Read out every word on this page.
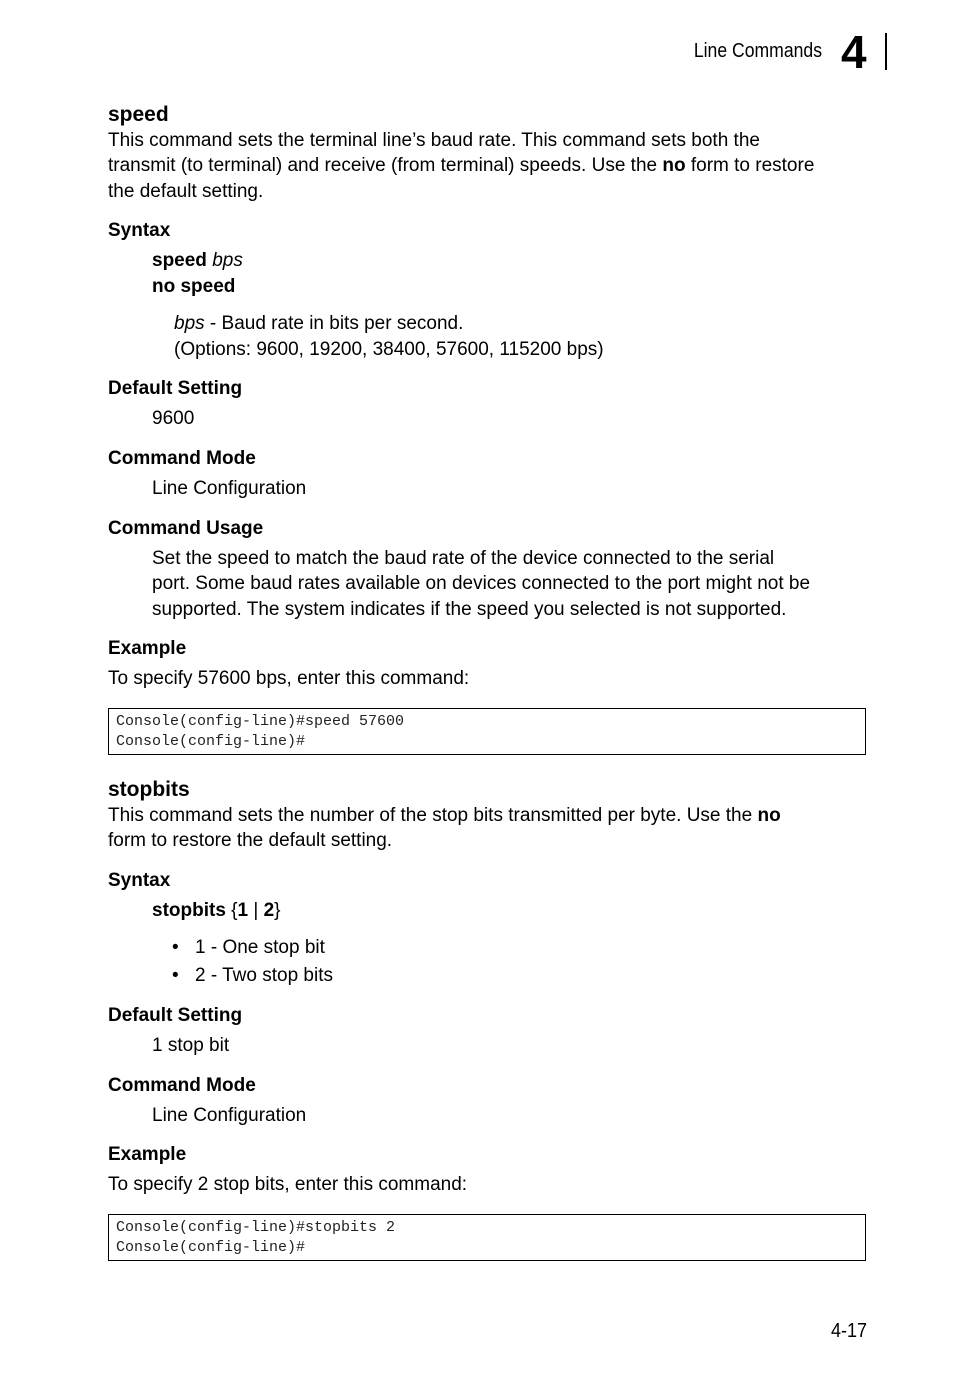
Line Commands 4
speed
This command sets the terminal line’s baud rate. This command sets both the
transmit (to terminal) and receive (from terminal) speeds. Use the no form to restore
the default setting.
Syntax
speed bps
no speed
bps - Baud rate in bits per second.
(Options: 9600, 19200, 38400, 57600, 115200 bps)
Default Setting
9600
Command Mode
Line Configuration
Command Usage
Set the speed to match the baud rate of the device connected to the serial
port. Some baud rates available on devices connected to the port might not be
supported. The system indicates if the speed you selected is not supported.
Example
To specify 57600 bps, enter this command:
Console(config-line)#speed 57600
Console(config-line)#
stopbits
This command sets the number of the stop bits transmitted per byte. Use the no
form to restore the default setting.
Syntax
stopbits {1 | 2}
• 1 - One stop bit
• 2 - Two stop bits
Default Setting
1 stop bit
Command Mode
Line Configuration
Example
To specify 2 stop bits, enter this command:
Console(config-line)#stopbits 2
Console(config-line)#
4-17
